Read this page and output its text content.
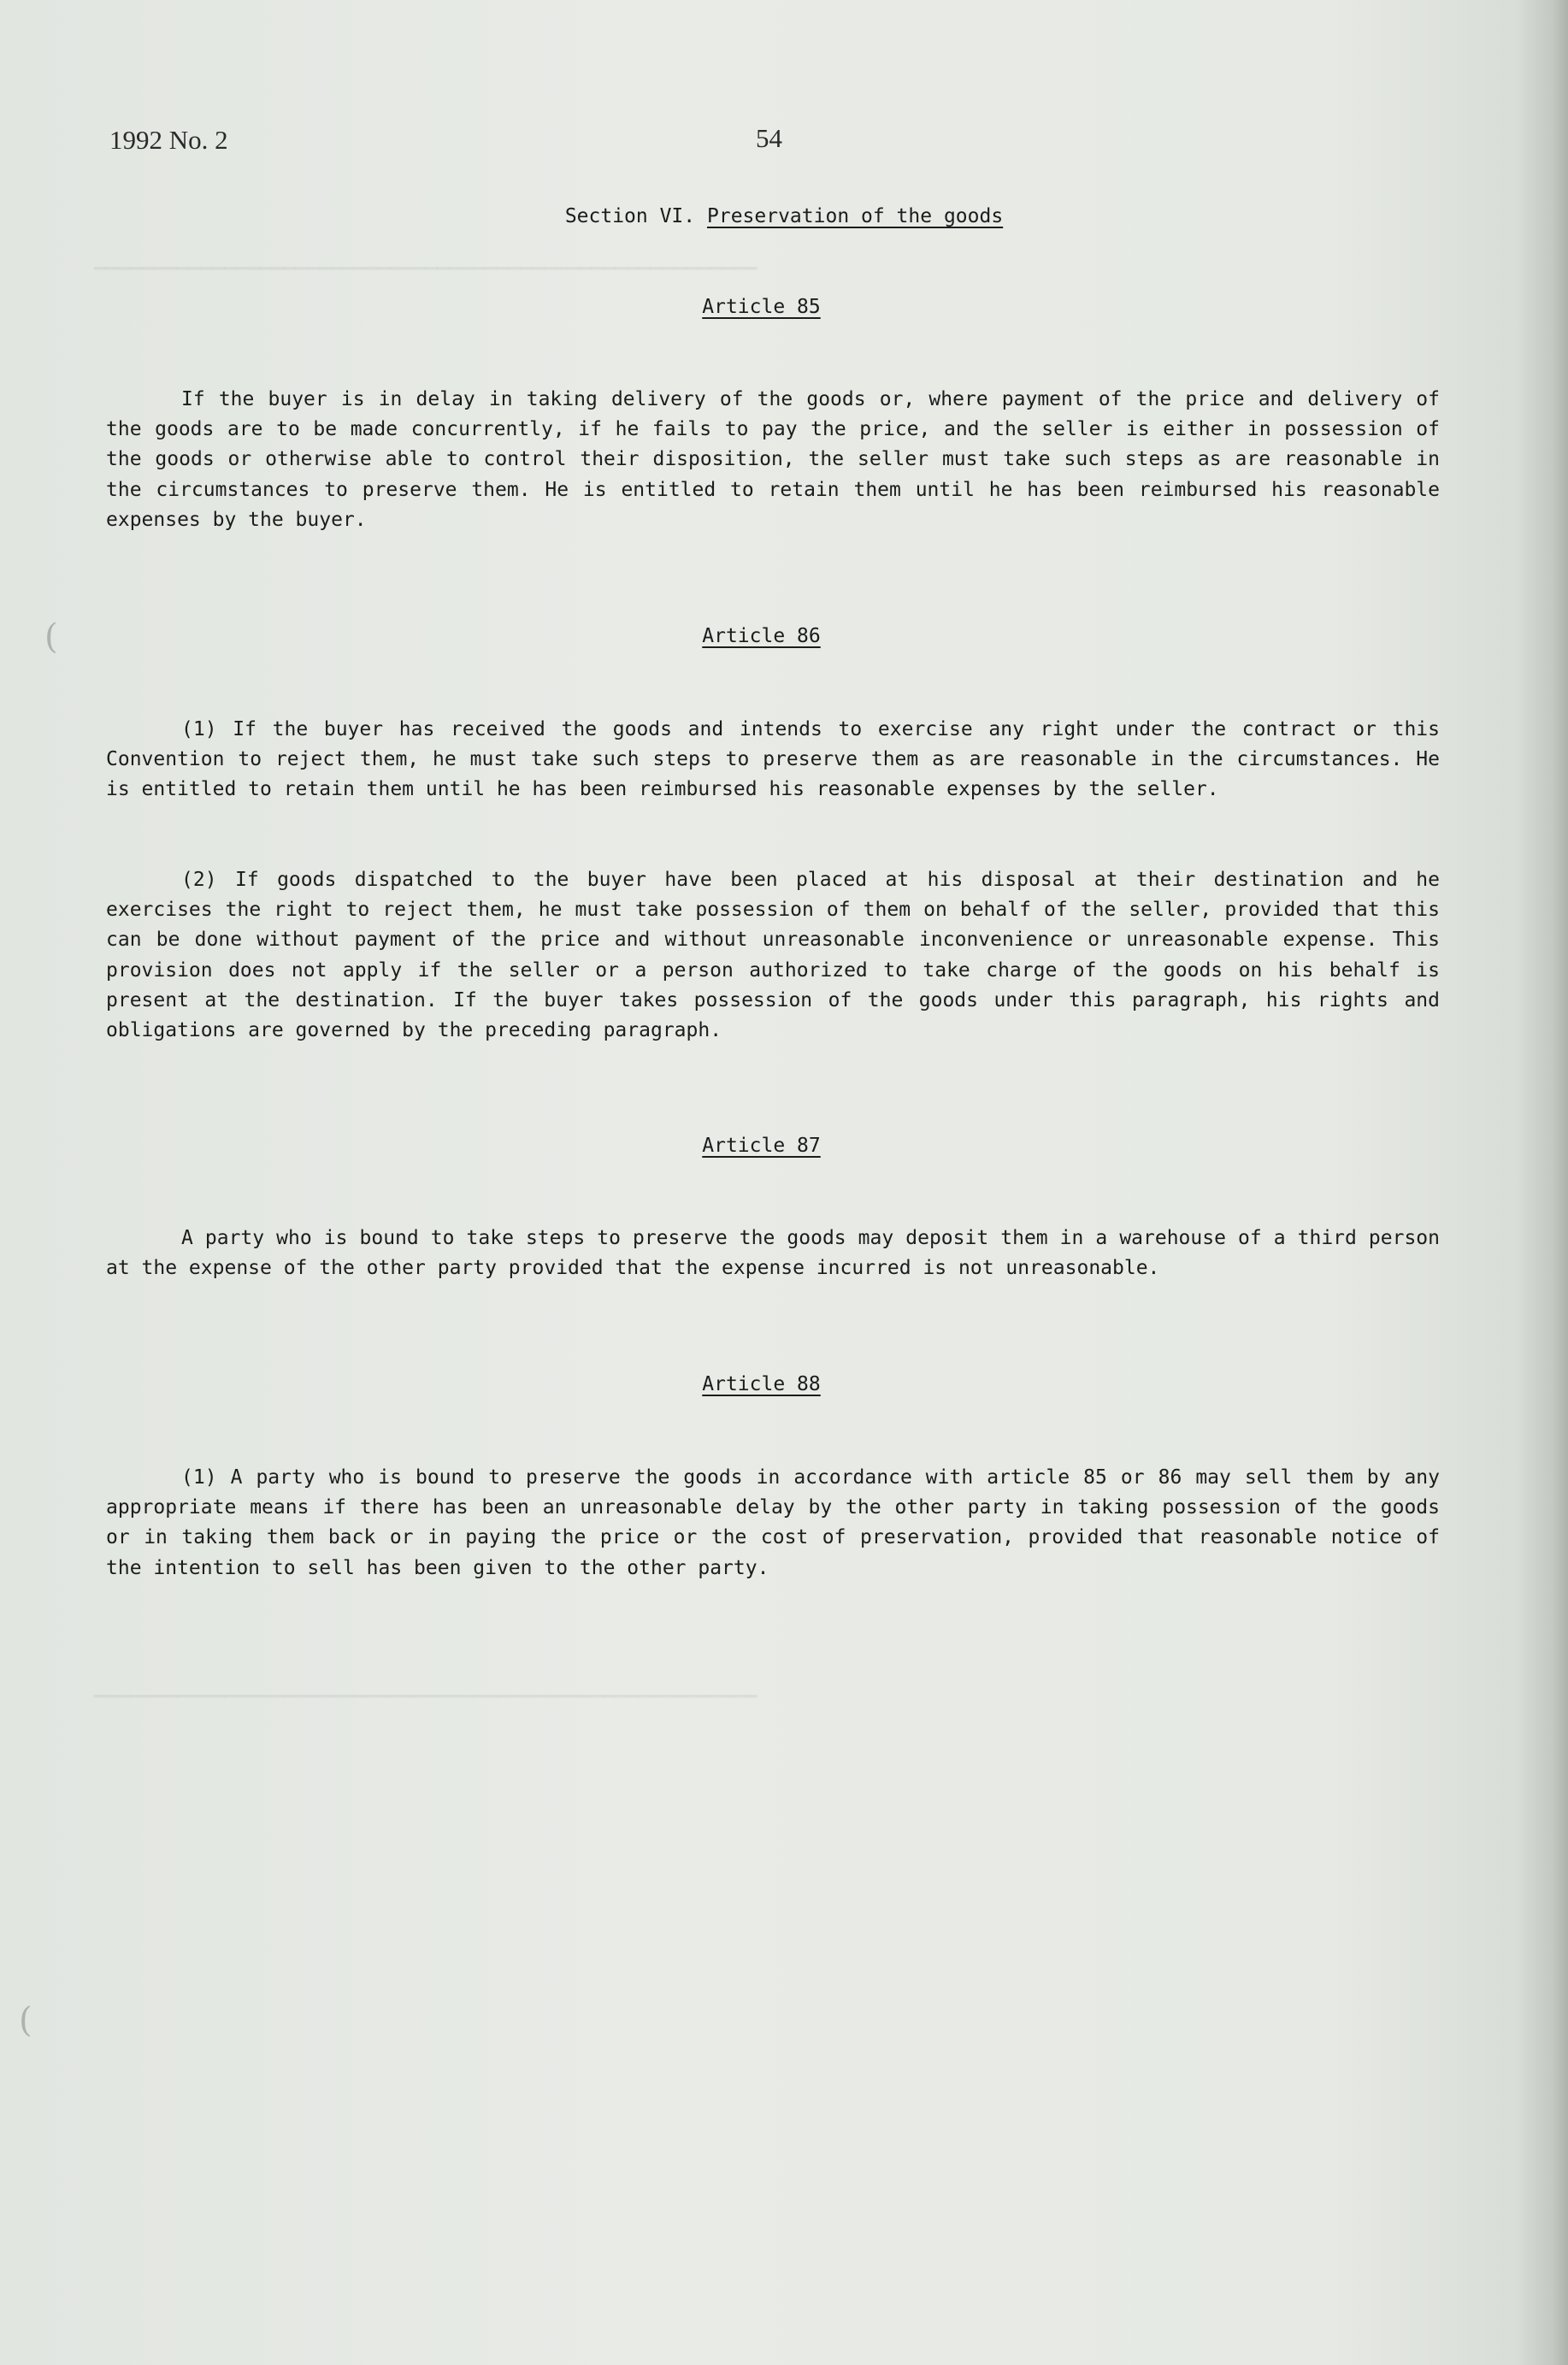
▁▁▁▁▁▁▁▁▁▁▁▁▁▁▁▁▁▁▁▁▁▁▁▁▁▁▁▁▁▁▁▁▁▁▁▁▁▁▁▁▁▁▁▁▁▁▁▁▁▁▁▁▁▁▁▁
▁▁▁▁▁▁▁▁▁▁▁▁▁▁▁▁▁▁▁▁▁▁▁▁▁▁▁▁▁▁▁▁▁▁▁▁▁▁▁▁▁▁▁▁▁▁▁▁▁▁▁▁▁▁▁▁
(
(
1992 No. 2	54
Section VI. Preservation of the goods
Article 85

If the buyer is in delay in taking delivery of the goods or, where payment of the price and delivery of the goods are to be made concurrently, if he fails to pay the price, and the seller is either in possession of the goods or otherwise able to control their disposition, the seller must take such steps as are reasonable in the circumstances to preserve them. He is entitled to retain them until he has been reimbursed his reasonable expenses by the buyer.

Article 86

(1) If the buyer has received the goods and intends to exercise any right under the contract or this Convention to reject them, he must take such steps to preserve them as are reasonable in the circumstances. He is entitled to retain them until he has been reimbursed his reasonable expenses by the seller.

(2) If goods dispatched to the buyer have been placed at his disposal at their destination and he exercises the right to reject them, he must take possession of them on behalf of the seller, provided that this can be done without payment of the price and without unreasonable inconvenience or unreasonable expense. This provision does not apply if the seller or a person authorized to take charge of the goods on his behalf is present at the destination. If the buyer takes possession of the goods under this paragraph, his rights and obligations are governed by the preceding paragraph.

Article 87

A party who is bound to take steps to preserve the goods may deposit them in a warehouse of a third person at the expense of the other party provided that the expense incurred is not unreasonable.

Article 88

(1) A party who is bound to preserve the goods in accordance with article 85 or 86 may sell them by any appropriate means if there has been an unreasonable delay by the other party in taking possession of the goods or in taking them back or in paying the price or the cost of preservation, provided that reasonable notice of the intention to sell has been given to the other party.
